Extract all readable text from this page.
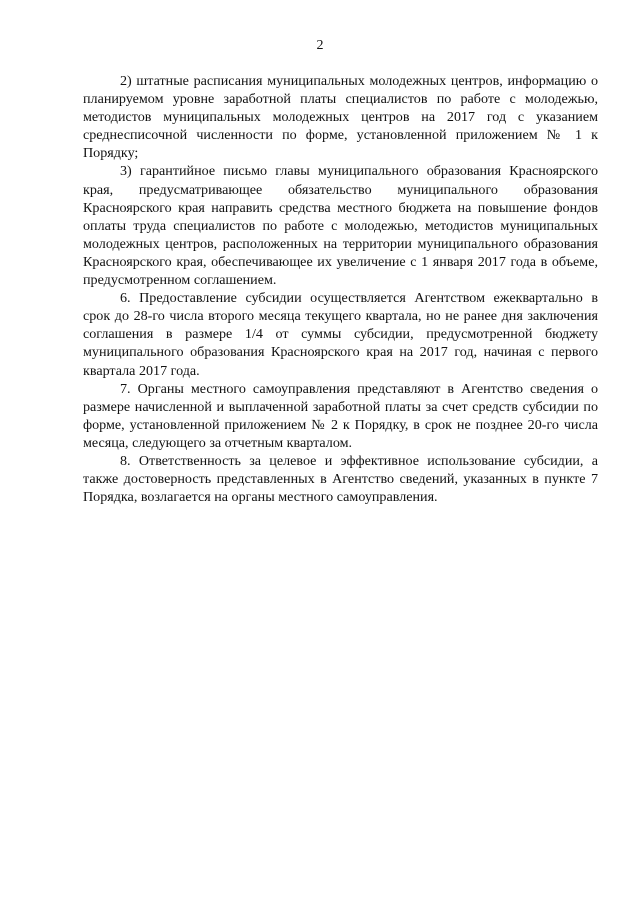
2

2) штатные расписания муниципальных молодежных центров, информацию о планируемом уровне заработной платы специалистов по работе с молодежью, методистов муниципальных молодежных центров на 2017 год с указанием среднесписочной численности по форме, установленной приложением № 1 к Порядку;

3) гарантийное письмо главы муниципального образования Красноярского края, предусматривающее обязательство муниципального образования Красноярского края направить средства местного бюджета на повышение фондов оплаты труда специалистов по работе с молодежью, методистов муниципальных молодежных центров, расположенных на территории муниципального образования Красноярского края, обеспечивающее их увеличение с 1 января 2017 года в объеме, предусмотренном соглашением.

6. Предоставление субсидии осуществляется Агентством ежеквартально в срок до 28-го числа второго месяца текущего квартала, но не ранее дня заключения соглашения в размере 1/4 от суммы субсидии, предусмотренной бюджету муниципального образования Красноярского края на 2017 год, начиная с первого квартала 2017 года.

7. Органы местного самоуправления представляют в Агентство сведения о размере начисленной и выплаченной заработной платы за счет средств субсидии по форме, установленной приложением № 2 к Порядку, в срок не позднее 20-го числа месяца, следующего за отчетным кварталом.

8. Ответственность за целевое и эффективное использование субсидии, а также достоверность представленных в Агентство сведений, указанных в пункте 7 Порядка, возлагается на органы местного самоуправления.
